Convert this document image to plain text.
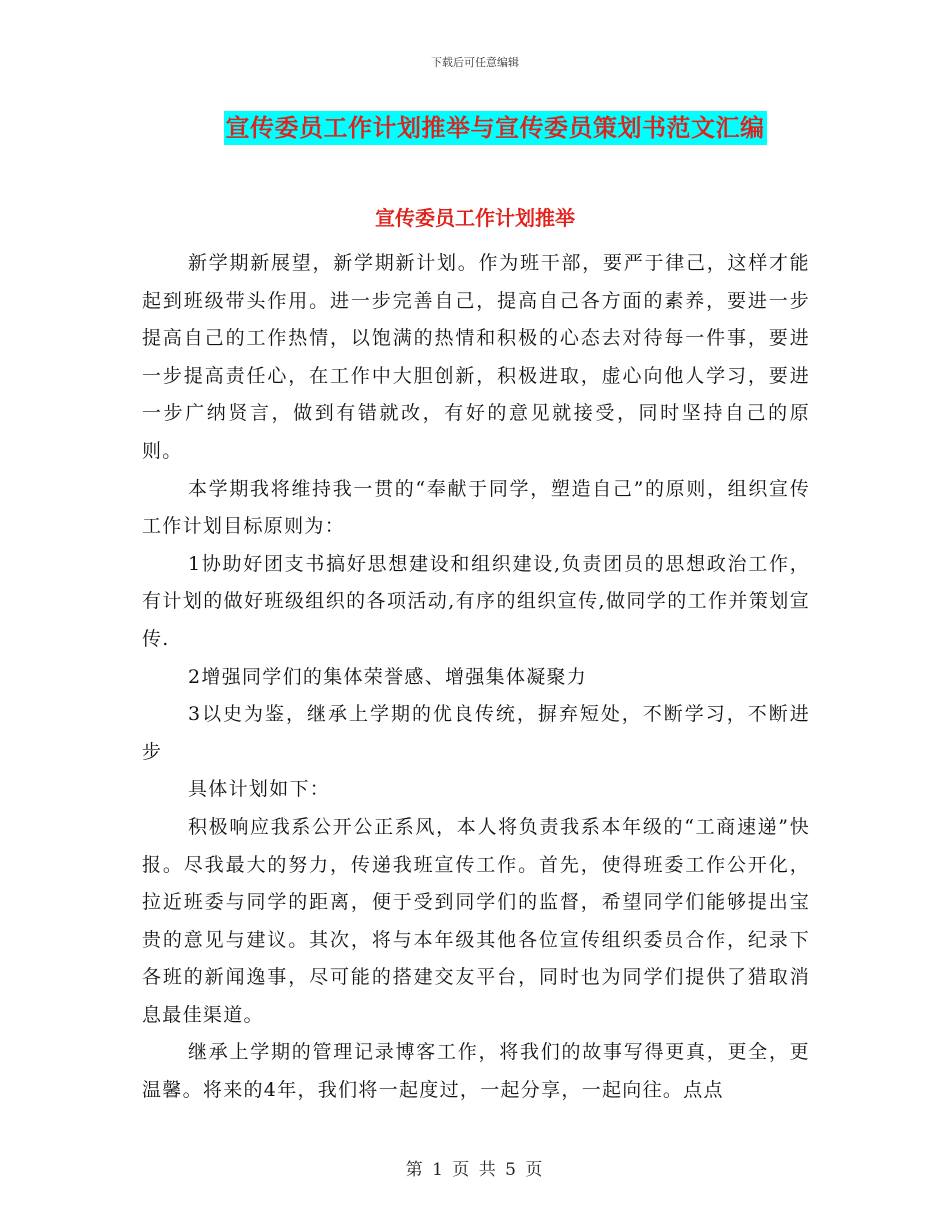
下载后可任意编辑
宣传委员工作计划推举与宣传委员策划书范文汇编
宣传委员工作计划推举

新学期新展望，新学期新计划。作为班干部，要严于律己，这样才能起到班级带头作用。进一步完善自己，提高自己各方面的素养，要进一步提高自己的工作热情，以饱满的热情和积极的心态去对待每一件事，要进一步提高责任心，在工作中大胆创新，积极进取，虚心向他人学习，要进一步广纳贤言，做到有错就改，有好的意见就接受，同时坚持自己的原则。

本学期我将维持我一贯的“奉献于同学，塑造自己”的原则，组织宣传工作计划目标原则为：

1协助好团支书搞好思想建设和组织建设,负责团员的思想政治工作，有计划的做好班级组织的各项活动,有序的组织宣传,做同学的工作并策划宣传.

2增强同学们的集体荣誉感、增强集体凝聚力

3以史为鉴，继承上学期的优良传统，摒弃短处，不断学习，不断进步

具体计划如下：

积极响应我系公开公正系风，本人将负责我系本年级的“工商速递”快报。尽我最大的努力，传递我班宣传工作。首先，使得班委工作公开化，拉近班委与同学的距离，便于受到同学们的监督，希望同学们能够提出宝贵的意见与建议。其次，将与本年级其他各位宣传组织委员合作，纪录下各班的新闻逸事，尽可能的搭建交友平台，同时也为同学们提供了猎取消息最佳渠道。

继承上学期的管理记录博客工作，将我们的故事写得更真，更全，更温馨。将来的4年，我们将一起度过，一起分享，一起向往。点点

第 1 页 共 5 页
